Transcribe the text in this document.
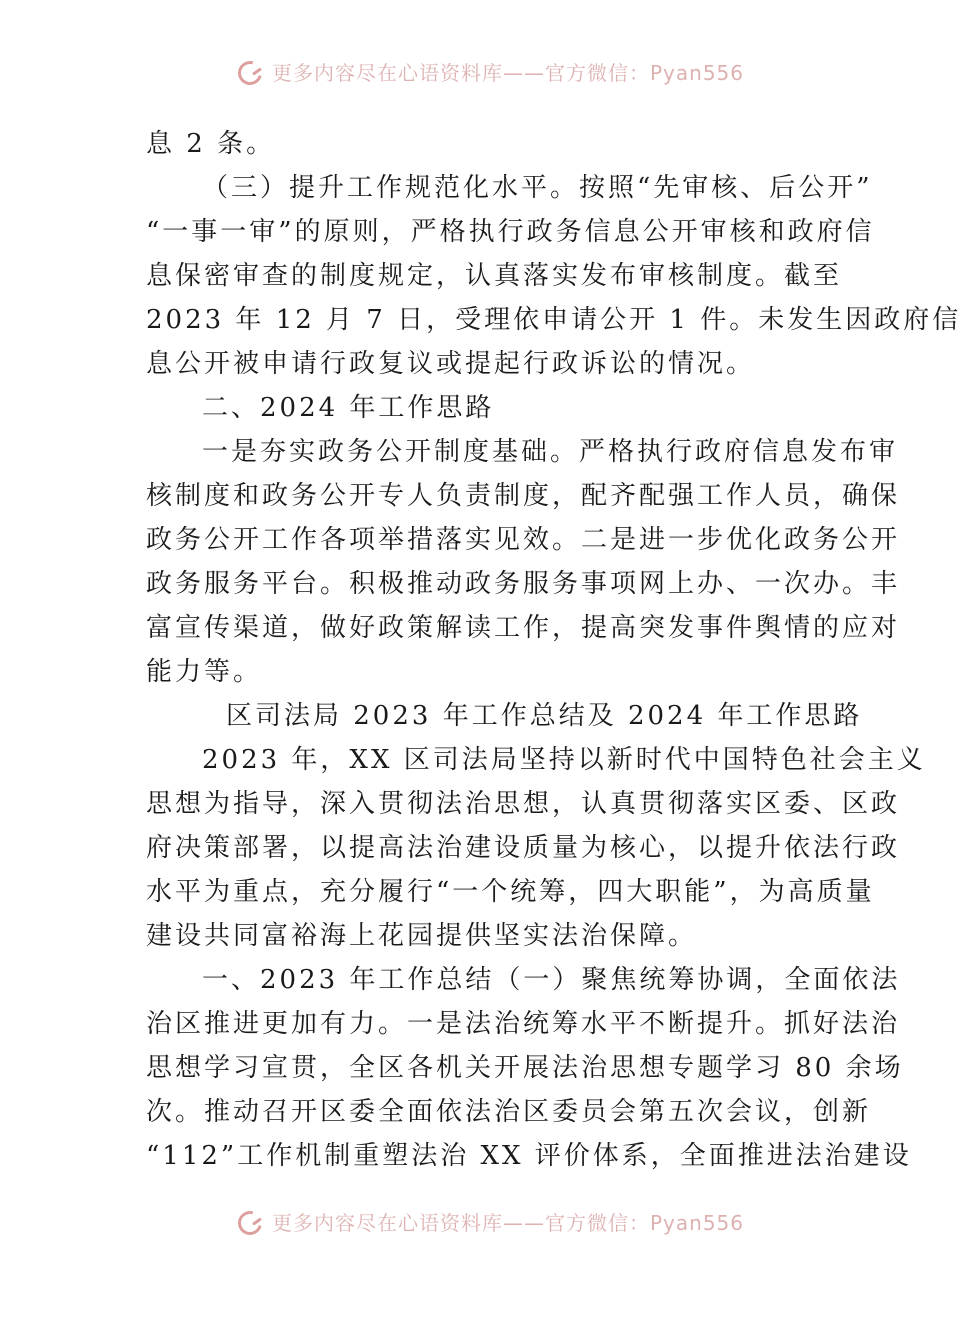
更多内容尽在心语资料库——官方微信：Pyan556
息 2 条。
（三）提升工作规范化水平。按照“先审核、后公开”
“一事一审”的原则，严格执行政务信息公开审核和政府信
息保密审查的制度规定，认真落实发布审核制度。截至
2023 年 12 月 7 日，受理依申请公开 1 件。未发生因政府信
息公开被申请行政复议或提起行政诉讼的情况。
二、2024 年工作思路
一是夯实政务公开制度基础。严格执行政府信息发布审
核制度和政务公开专人负责制度，配齐配强工作人员，确保
政务公开工作各项举措落实见效。二是进一步优化政务公开
政务服务平台。积极推动政务服务事项网上办、一次办。丰
富宣传渠道，做好政策解读工作，提高突发事件舆情的应对
能力等。
区司法局 2023 年工作总结及 2024 年工作思路
2023 年，XX 区司法局坚持以新时代中国特色社会主义
思想为指导，深入贯彻法治思想，认真贯彻落实区委、区政
府决策部署，以提高法治建设质量为核心，以提升依法行政
水平为重点，充分履行“一个统筹，四大职能”，为高质量
建设共同富裕海上花园提供坚实法治保障。
一、2023 年工作总结（一）聚焦统筹协调，全面依法
治区推进更加有力。一是法治统筹水平不断提升。抓好法治
思想学习宣贯，全区各机关开展法治思想专题学习 80 余场
次。推动召开区委全面依法治区委员会第五次会议，创新
“112”工作机制重塑法治 XX 评价体系，全面推进法治建设
更多内容尽在心语资料库——官方微信：Pyan556
